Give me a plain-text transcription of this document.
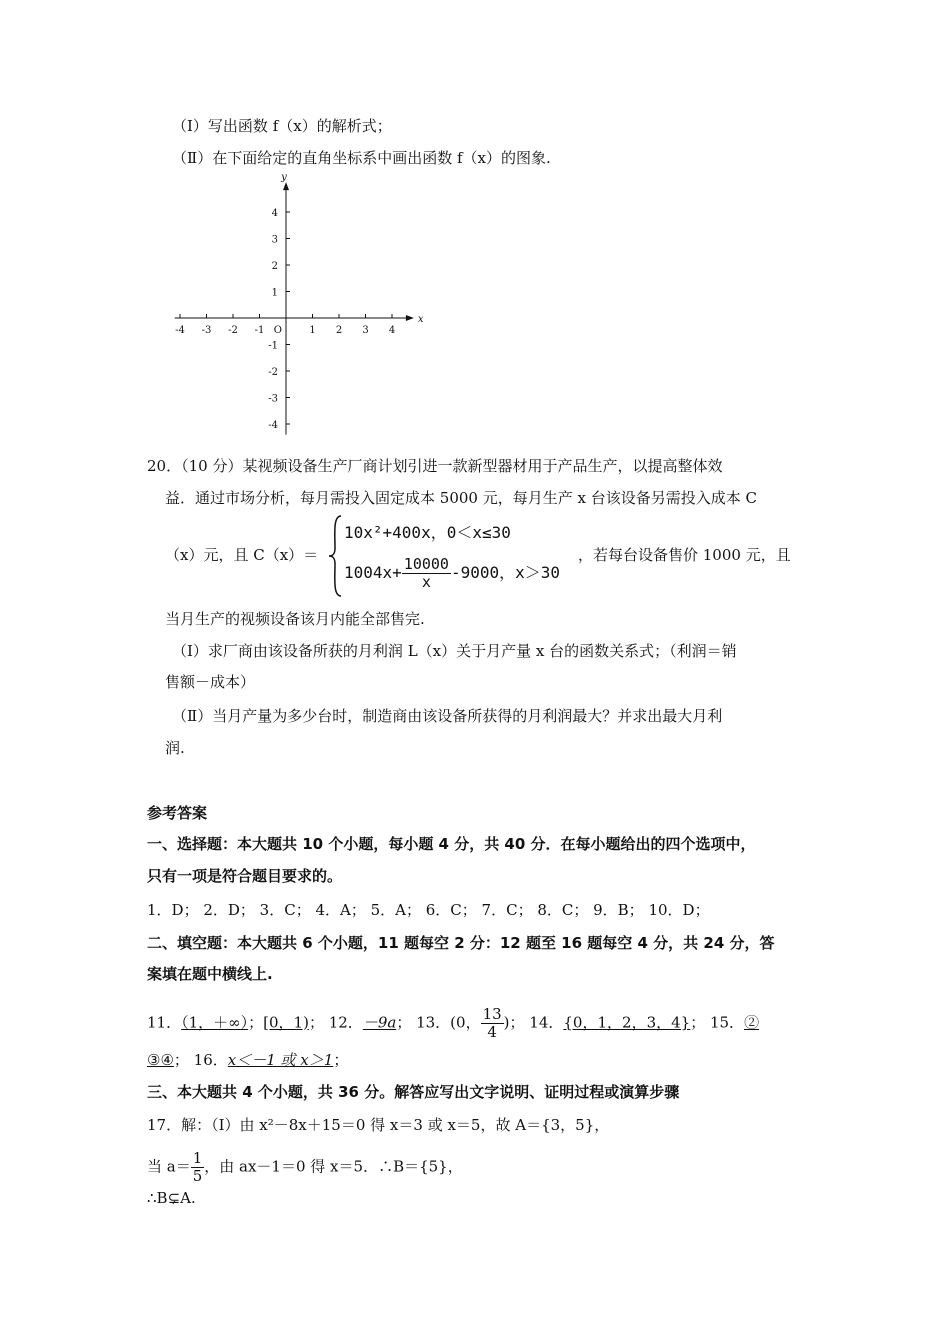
（Ⅰ）写出函数 f（x）的解析式；
（Ⅱ）在下面给定的直角坐标系中画出函数 f（x）的图象.
-4 -3 -2 -1	1 2 3 4
4
3
2
1
-1
-2
-3
-4
O
x
y
20．（10 分）某视频设备生产厂商计划引进一款新型器材用于产品生产，以提高整体效
益．通过市场分析，每月需投入固定成本 5000 元，每月生产 x 台该设备另需投入成本 C
（x）元，且 C（x）＝
10x²+400x，0＜x≤30
$1004x+ \frac{10000}{x} -9000$，x＞30
，若每台设备售价 1000 元，且
当月生产的视频设备该月内能全部售完.
（Ⅰ）求厂商由该设备所获的月利润 L（x）关于月产量 x 台的函数关系式；（利润＝销
售额－成本）
（Ⅱ）当月产量为多少台时，制造商由该设备所获得的月利润最大？并求出最大月利
润.
参考答案
一、选择题：本大题共 10 个小题，每小题 4 分，共 40 分．在每小题给出的四个选项中，
只有一项是符合题目要求的。
1．D； 2．D； 3．C； 4．A； 5．A； 6．C； 7．C； 8．C； 9．B； 10．D；
二、填空题：本大题共 6 个小题，11 题每空 2 分：12 题至 16 题每空 4 分，共 24 分，答
案填在题中横线上.
11．（1，＋∞）；[0，1)； 12．－9a； 13．(0， $\frac{13}{4}$ )； 14．{0，1，2，3，4}； 15．②
③④； 16．x＜－1 或 x＞1；
三、本大题共 4 个小题，共 36 分。解答应写出文字说明、证明过程或演算步骤
17．解：（Ⅰ）由 x²－8x＋15＝0 得 x＝3 或 x＝5，故 A＝{3，5}，
当 $a= \frac{1}{5}$ ，由 ax－1＝0 得 x＝5．∴B＝{5}，
∴B⊊A.
